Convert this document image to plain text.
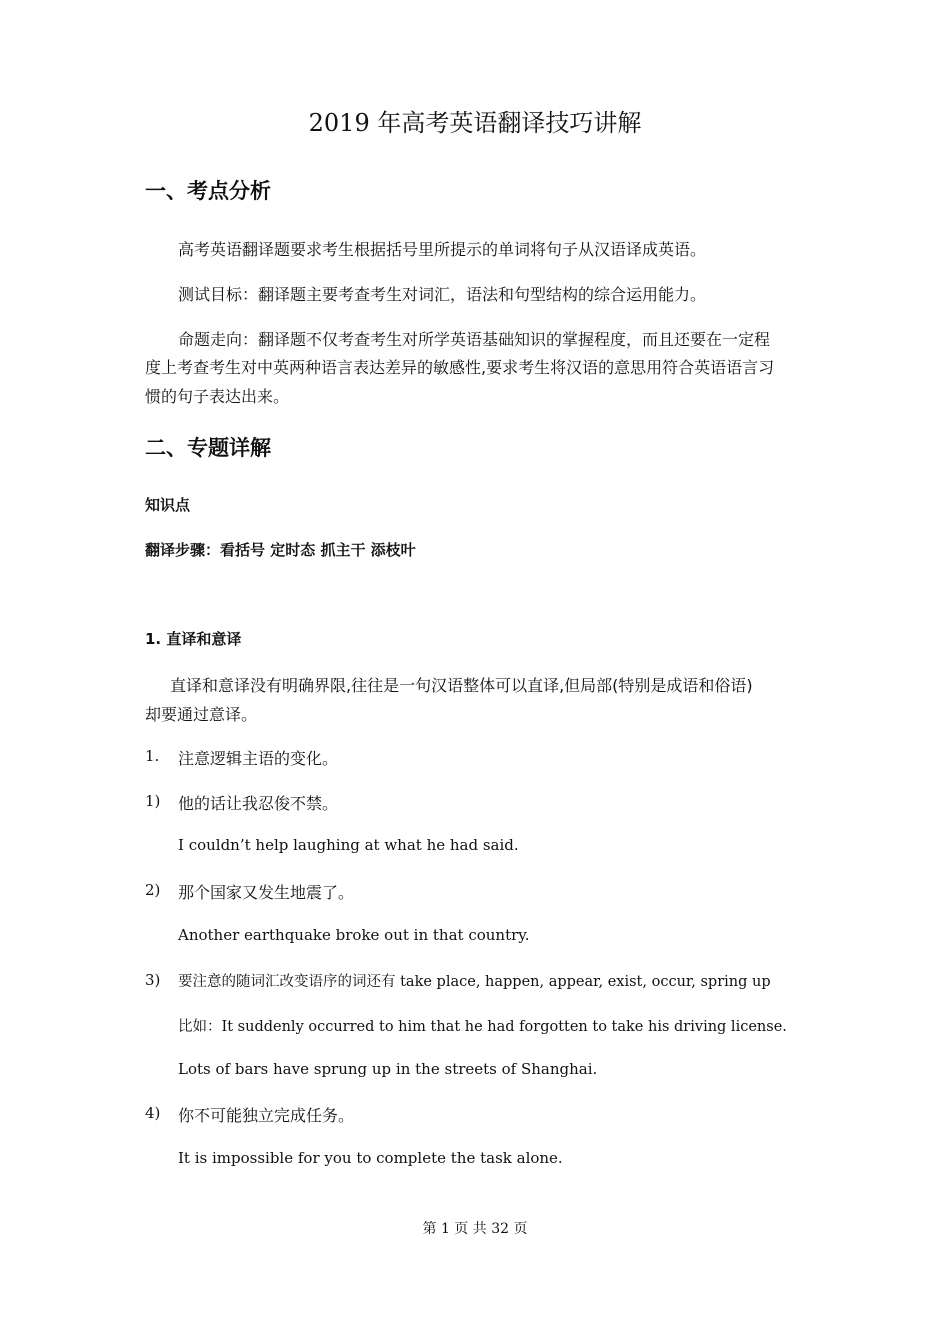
2019 年高考英语翻译技巧讲解
一、考点分析
高考英语翻译题要求考生根据括号里所提示的单词将句子从汉语译成英语。
测试目标：翻译题主要考查考生对词汇，语法和句型结构的综合运用能力。
命题走向：翻译题不仅考查考生对所学英语基础知识的掌握程度，而且还要在一定程
度上考查考生对中英两种语言表达差异的敏感性,要求考生将汉语的意思用符合英语语言习
惯的句子表达出来。
二、专题详解
知识点
翻译步骤：看括号 定时态 抓主干 添枝叶
1. 直译和意译
直译和意译没有明确界限,往往是一句汉语整体可以直译,但局部(特别是成语和俗语)
却要通过意译。
1. 注意逻辑主语的变化。
1) 他的话让我忍俊不禁。
I couldn’t help laughing at what he had said.
2) 那个国家又发生地震了。
Another earthquake broke out in that country.
3) 要注意的随词汇改变语序的词还有 take place, happen, appear, exist, occur, spring up
比如：It suddenly occurred to him that he had forgotten to take his driving license.
Lots of bars have sprung up in the streets of Shanghai.
4) 你不可能独立完成任务。
It is impossible for you to complete the task alone.
第 1 页 共 32 页
